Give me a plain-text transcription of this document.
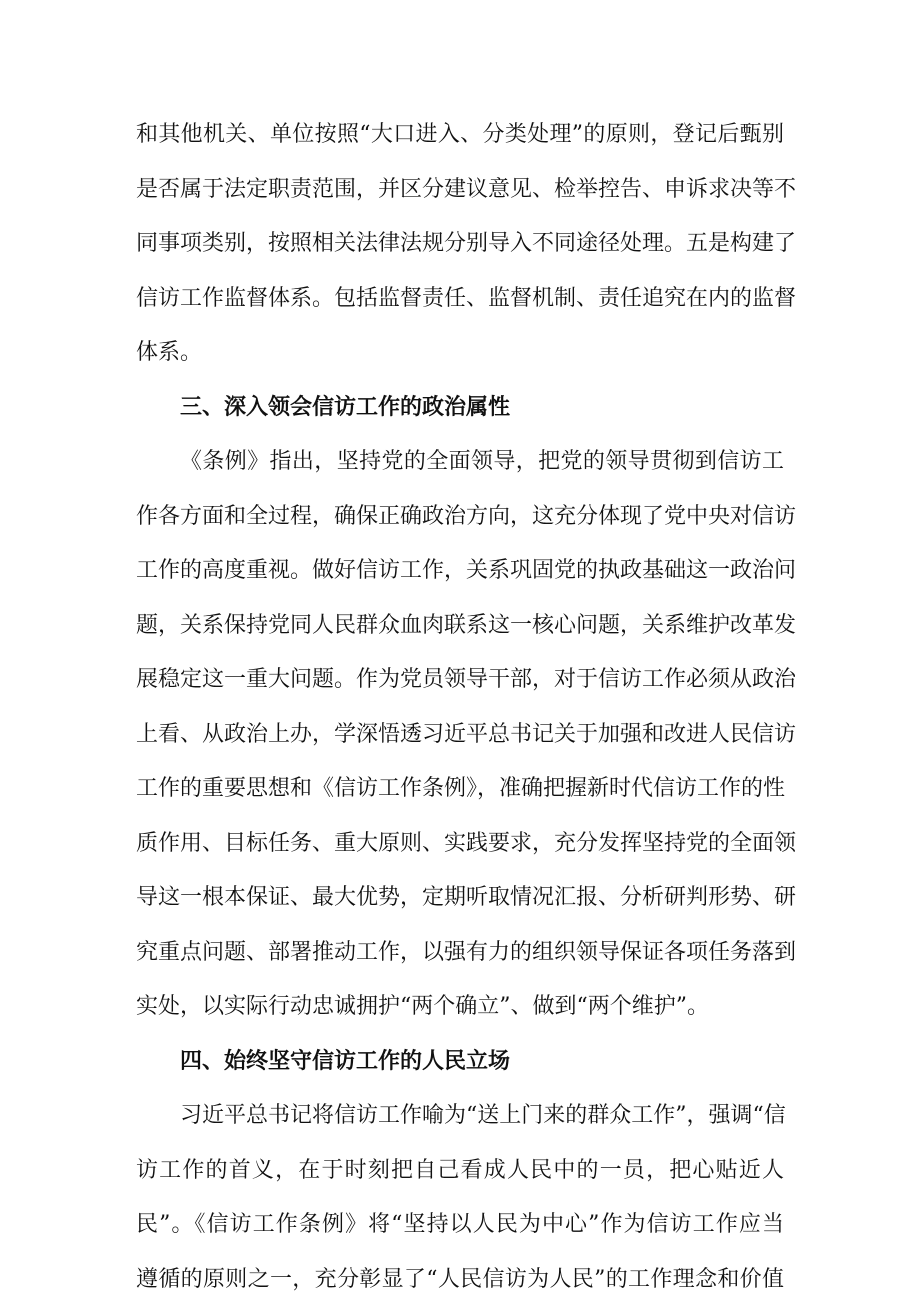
和其他机关、单位按照“大口进入、分类处理”的原则，登记后甄别
是否属于法定职责范围，并区分建议意见、检举控告、申诉求决等不
同事项类别，按照相关法律法规分别导入不同途径处理。五是构建了
信访工作监督体系。包括监督责任、监督机制、责任追究在内的监督
体系。
三、深入领会信访工作的政治属性
《条例》指出，坚持党的全面领导，把党的领导贯彻到信访工
作各方面和全过程，确保正确政治方向，这充分体现了党中央对信访
工作的高度重视。做好信访工作，关系巩固党的执政基础这一政治问
题，关系保持党同人民群众血肉联系这一核心问题，关系维护改革发
展稳定这一重大问题。作为党员领导干部，对于信访工作必须从政治
上看、从政治上办，学深悟透习近平总书记关于加强和改进人民信访
工作的重要思想和《信访工作条例》，准确把握新时代信访工作的性
质作用、目标任务、重大原则、实践要求，充分发挥坚持党的全面领
导这一根本保证、最大优势，定期听取情况汇报、分析研判形势、研
究重点问题、部署推动工作，以强有力的组织领导保证各项任务落到
实处，以实际行动忠诚拥护“两个确立”、做到“两个维护”。
四、始终坚守信访工作的人民立场
习近平总书记将信访工作喻为“送上门来的群众工作”，强调“信
访工作的首义，在于时刻把自己看成人民中的一员，把心贴近人
民”。《信访工作条例》将“坚持以人民为中心”作为信访工作应当
遵循的原则之一，充分彰显了“人民信访为人民”的工作理念和价值
